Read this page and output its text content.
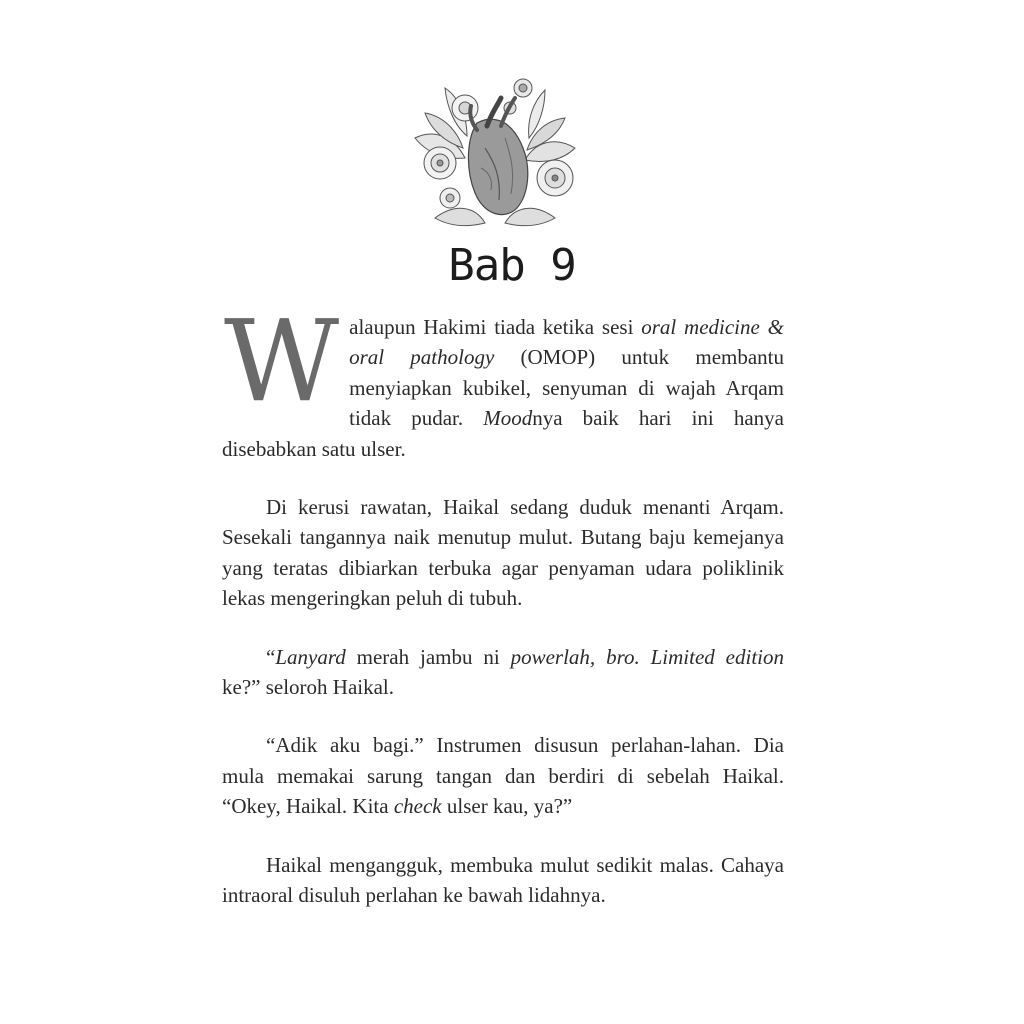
Bab 9

Walaupun Hakimi tiada ketika sesi oral medicine & oral pathology (OMOP) untuk membantu menyiapkan kubikel, senyuman di wajah Arqam tidak pudar. Moodnya baik hari ini hanya disebabkan satu ulser.

Di kerusi rawatan, Haikal sedang duduk menanti Arqam. Sesekali tangannya naik menutup mulut. Butang baju kemejanya yang teratas dibiarkan terbuka agar penyaman udara poliklinik lekas mengeringkan peluh di tubuh.

“Lanyard merah jambu ni powerlah, bro. Limited edition ke?” seloroh Haikal.

“Adik aku bagi.” Instrumen disusun perlahan-lahan. Dia mula memakai sarung tangan dan berdiri di sebelah Haikal. “Okey, Haikal. Kita check ulser kau, ya?”

Haikal mengangguk, membuka mulut sedikit malas. Cahaya intraoral disuluh perlahan ke bawah lidahnya.
